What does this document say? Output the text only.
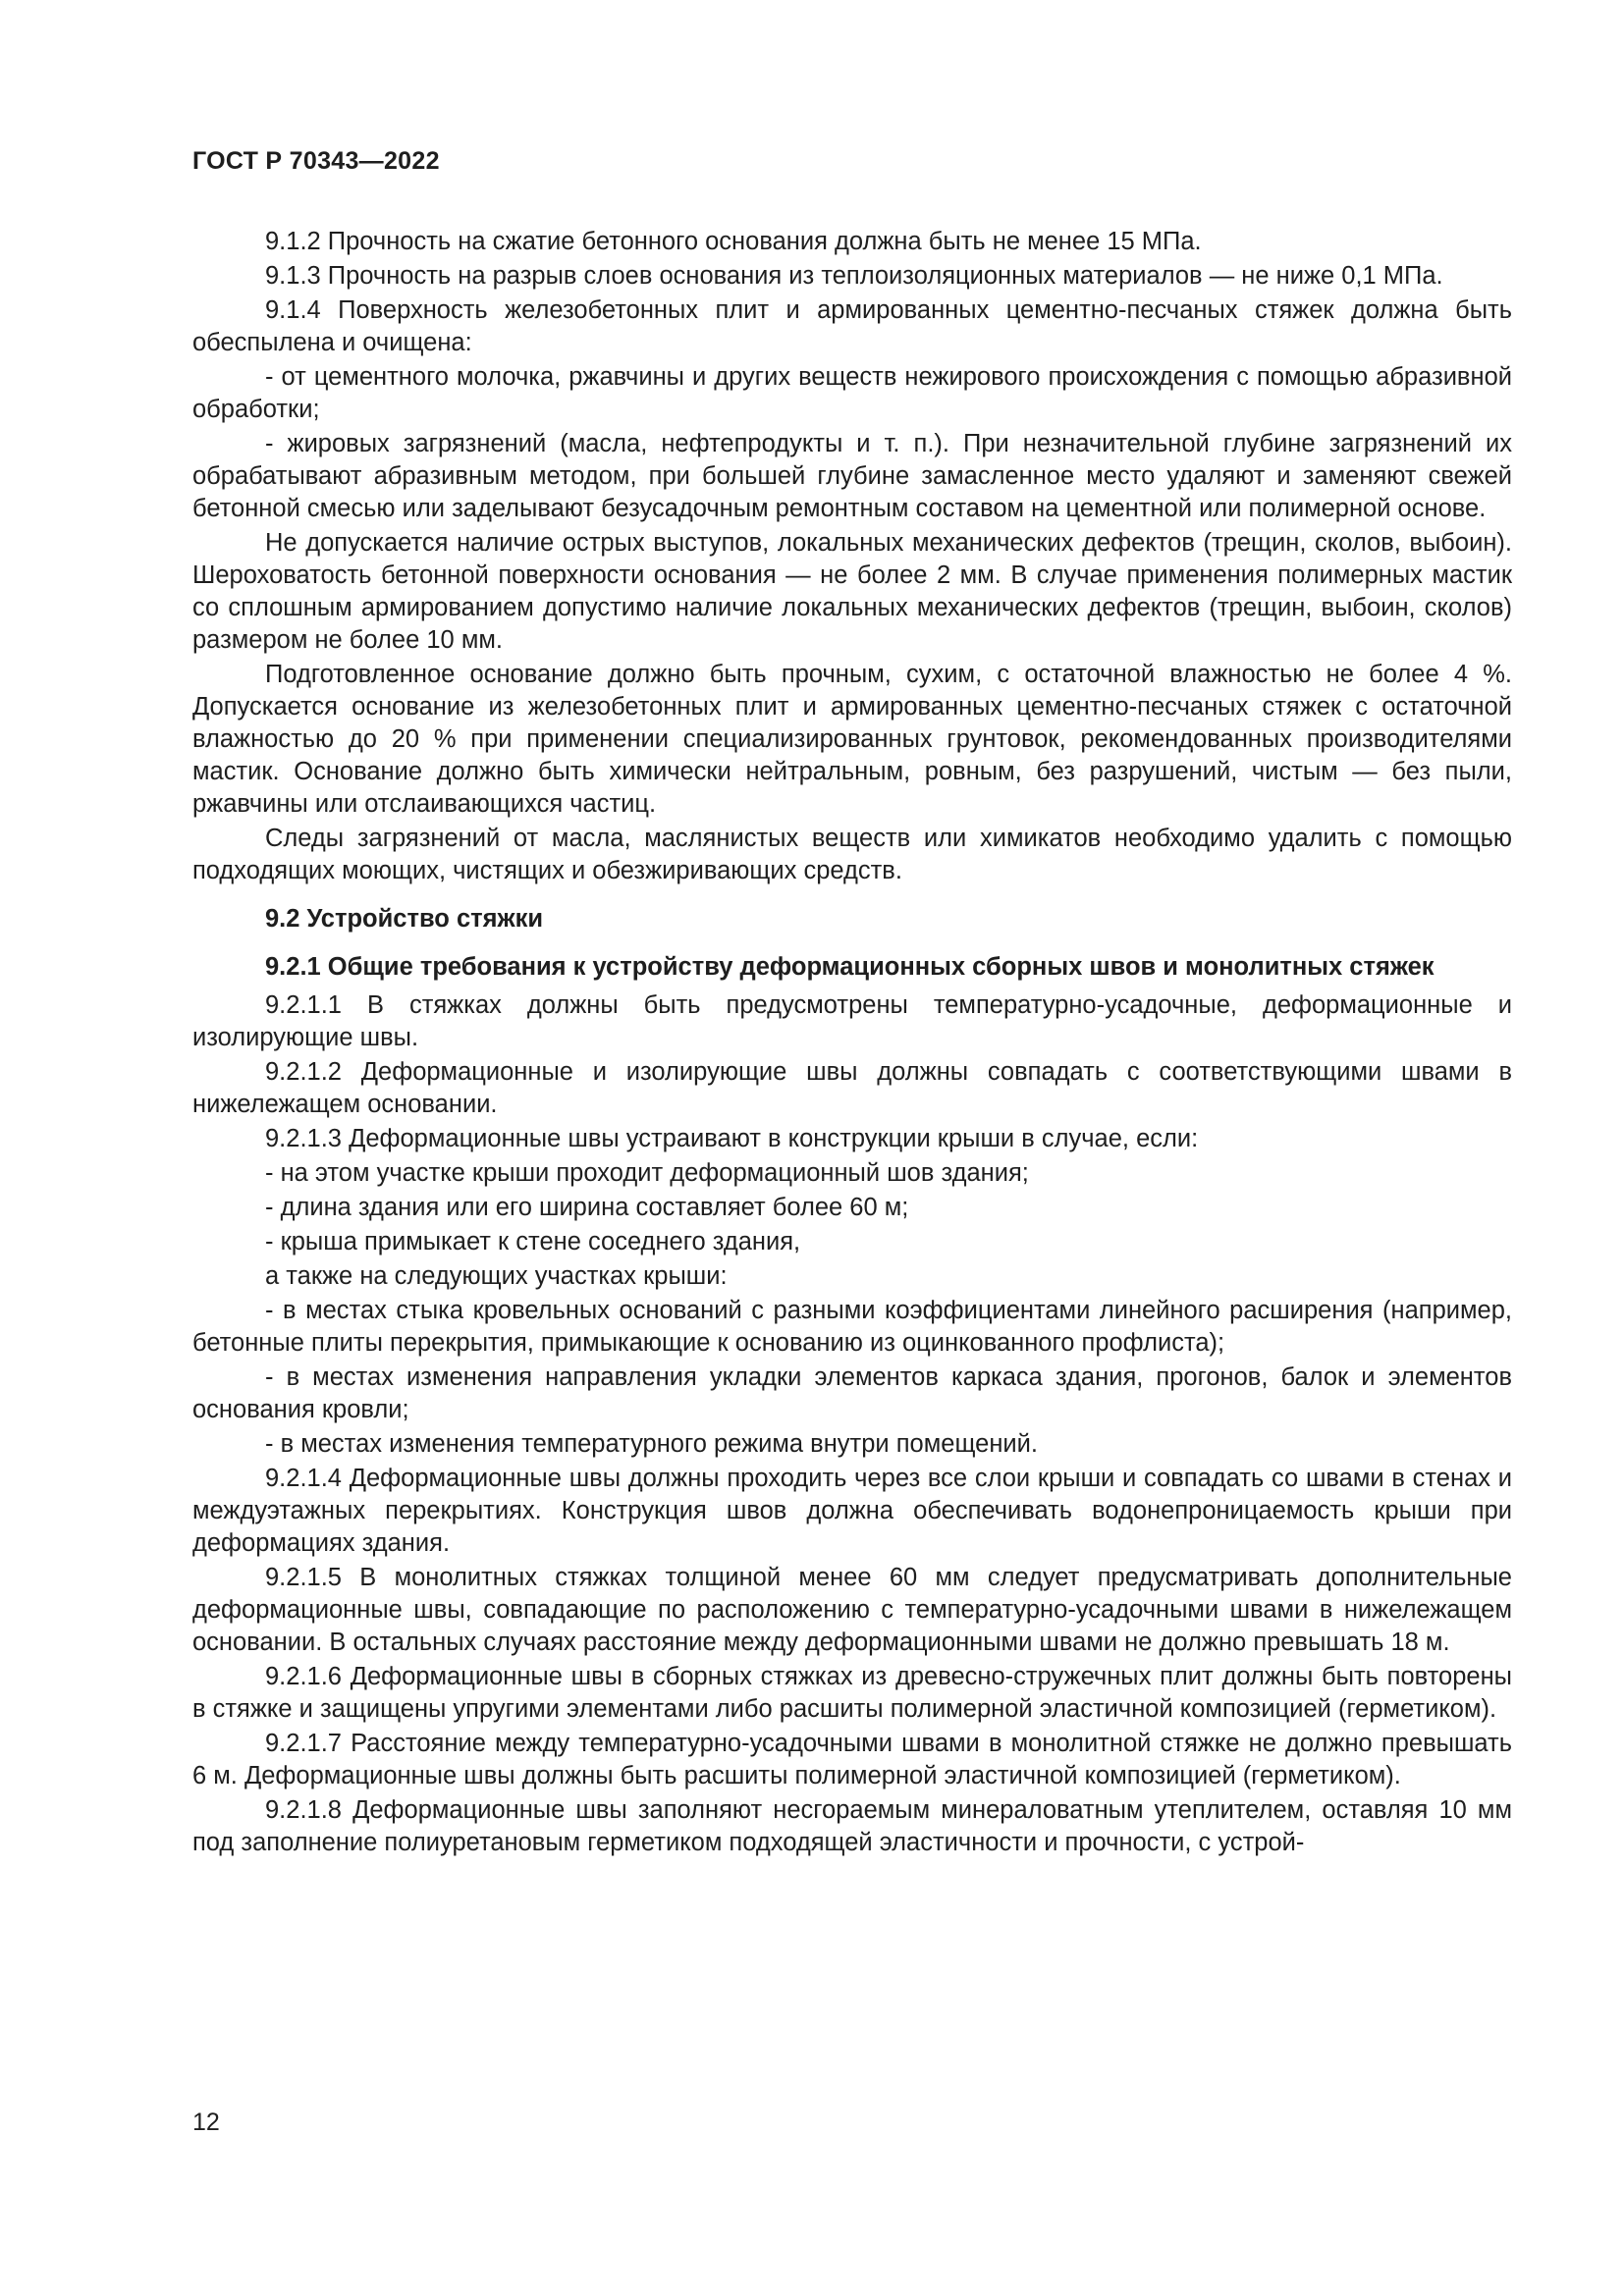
ГОСТ Р 70343—2022

9.1.2 Прочность на сжатие бетонного основания должна быть не менее 15 МПа.

9.1.3 Прочность на разрыв слоев основания из теплоизоляционных материалов — не ниже 0,1 МПа.

9.1.4 Поверхность железобетонных плит и армированных цементно-песчаных стяжек должна быть обеспылена и очищена:

- от цементного молочка, ржавчины и других веществ нежирового происхождения с помощью абразивной обработки;

- жировых загрязнений (масла, нефтепродукты и т. п.). При незначительной глубине загрязнений их обрабатывают абразивным методом, при большей глубине замасленное место удаляют и заменяют свежей бетонной смесью или заделывают безусадочным ремонтным составом на цементной или полимерной основе.

Не допускается наличие острых выступов, локальных механических дефектов (трещин, сколов, выбоин). Шероховатость бетонной поверхности основания — не более 2 мм. В случае применения полимерных мастик со сплошным армированием допустимо наличие локальных механических дефектов (трещин, выбоин, сколов) размером не более 10 мм.

Подготовленное основание должно быть прочным, сухим, с остаточной влажностью не более 4 %. Допускается основание из железобетонных плит и армированных цементно-песчаных стяжек с остаточной влажностью до 20 % при применении специализированных грунтовок, рекомендованных производителями мастик. Основание должно быть химически нейтральным, ровным, без разрушений, чистым — без пыли, ржавчины или отслаивающихся частиц.

Следы загрязнений от масла, маслянистых веществ или химикатов необходимо удалить с помощью подходящих моющих, чистящих и обезжиривающих средств.

9.2 Устройство стяжки
9.2.1 Общие требования к устройству деформационных сборных швов и монолитных стяжек

9.2.1.1 В стяжках должны быть предусмотрены температурно-усадочные, деформационные и изолирующие швы.

9.2.1.2 Деформационные и изолирующие швы должны совпадать с соответствующими швами в нижележащем основании.

9.2.1.3 Деформационные швы устраивают в конструкции крыши в случае, если:

- на этом участке крыши проходит деформационный шов здания;

- длина здания или его ширина составляет более 60 м;

- крыша примыкает к стене соседнего здания,

а также на следующих участках крыши:

- в местах стыка кровельных оснований с разными коэффициентами линейного расширения (например, бетонные плиты перекрытия, примыкающие к основанию из оцинкованного профлиста);

- в местах изменения направления укладки элементов каркаса здания, прогонов, балок и элементов основания кровли;

- в местах изменения температурного режима внутри помещений.

9.2.1.4 Деформационные швы должны проходить через все слои крыши и совпадать со швами в стенах и междуэтажных перекрытиях. Конструкция швов должна обеспечивать водонепроницаемость крыши при деформациях здания.

9.2.1.5 В монолитных стяжках толщиной менее 60 мм следует предусматривать дополнительные деформационные швы, совпадающие по расположению с температурно-усадочными швами в нижележащем основании. В остальных случаях расстояние между деформационными швами не должно превышать 18 м.

9.2.1.6 Деформационные швы в сборных стяжках из древесно-стружечных плит должны быть повторены в стяжке и защищены упругими элементами либо расшиты полимерной эластичной композицией (герметиком).

9.2.1.7 Расстояние между температурно-усадочными швами в монолитной стяжке не должно превышать 6 м. Деформационные швы должны быть расшиты полимерной эластичной композицией (герметиком).

9.2.1.8 Деформационные швы заполняют несгораемым минераловатным утеплителем, оставляя 10 мм под заполнение полиуретановым герметиком подходящей эластичности и прочности, с устрой-

12
